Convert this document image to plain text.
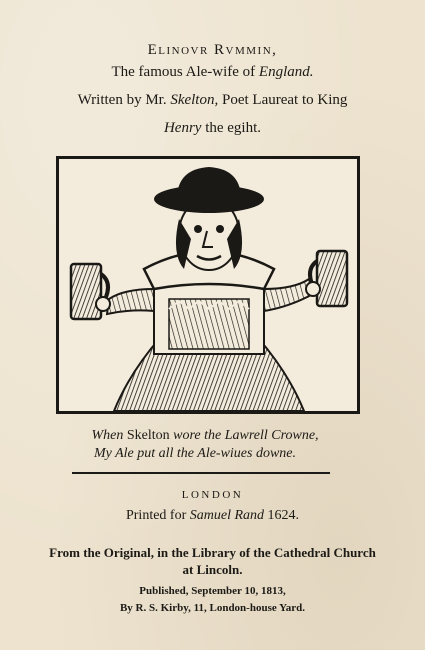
Elinovr Rvmmin,
The famous Ale-wife of England.
Written by Mr. Skelton, Poet Laureat to King
Henry the egiht.
When Skelton wore the Lawrell Crowne,
My Ale put all the Ale-wiues downe.
LONDON
Printed for Samuel Rand 1624.
From the Original, in the Library of the Cathedral Church
at Lincoln.
Published, September 10, 1813,
By R. S. Kirby, 11, London-house Yard.
